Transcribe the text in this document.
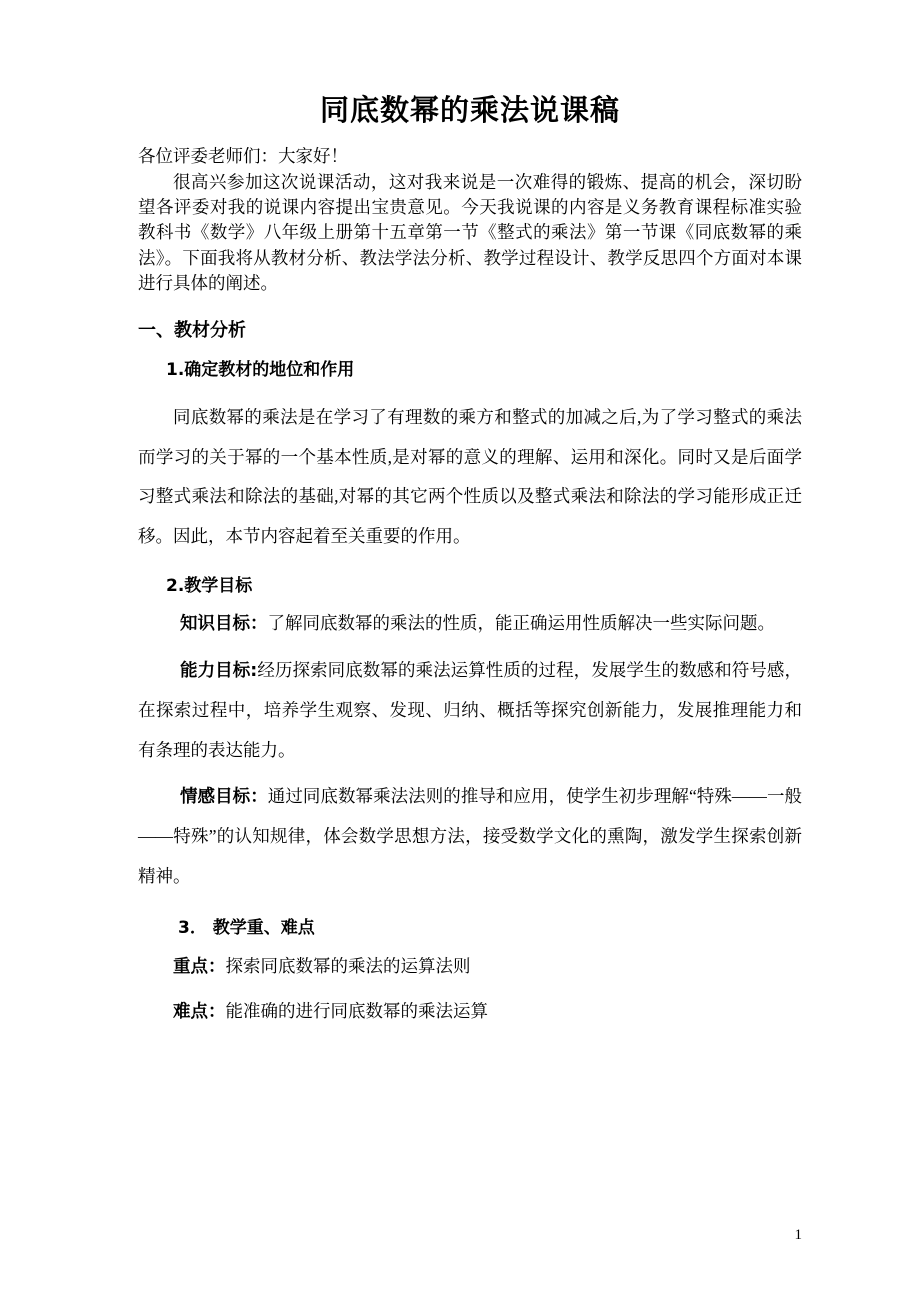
同底数幂的乘法说课稿

各位评委老师们：大家好！

很高兴参加这次说课活动，这对我来说是一次难得的锻炼、提高的机会，深切盼望各评委对我的说课内容提出宝贵意见。今天我说课的内容是义务教育课程标准实验教科书《数学》八年级上册第十五章第一节《整式的乘法》第一节课《同底数幂的乘法》。下面我将从教材分析、教法学法分析、教学过程设计、教学反思四个方面对本课进行具体的阐述。

一、教材分析

1.确定教材的地位和作用

同底数幂的乘法是在学习了有理数的乘方和整式的加减之后,为了学习整式的乘法而学习的关于幂的一个基本性质,是对幂的意义的理解、运用和深化。同时又是后面学习整式乘法和除法的基础,对幂的其它两个性质以及整式乘法和除法的学习能形成正迁移。因此，本节内容起着至关重要的作用。

2.教学目标

知识目标：了解同底数幂的乘法的性质，能正确运用性质解决一些实际问题。

能力目标:经历探索同底数幂的乘法运算性质的过程，发展学生的数感和符号感，在探索过程中，培养学生观察、发现、归纳、概括等探究创新能力，发展推理能力和有条理的表达能力。

情感目标：通过同底数幂乘法法则的推导和应用，使学生初步理解“特殊——一般——特殊”的认知规律，体会数学思想方法，接受数学文化的熏陶，激发学生探索创新精神。

3． 教学重、难点

重点：探索同底数幂的乘法的运算法则

难点：能准确的进行同底数幂的乘法运算

1
